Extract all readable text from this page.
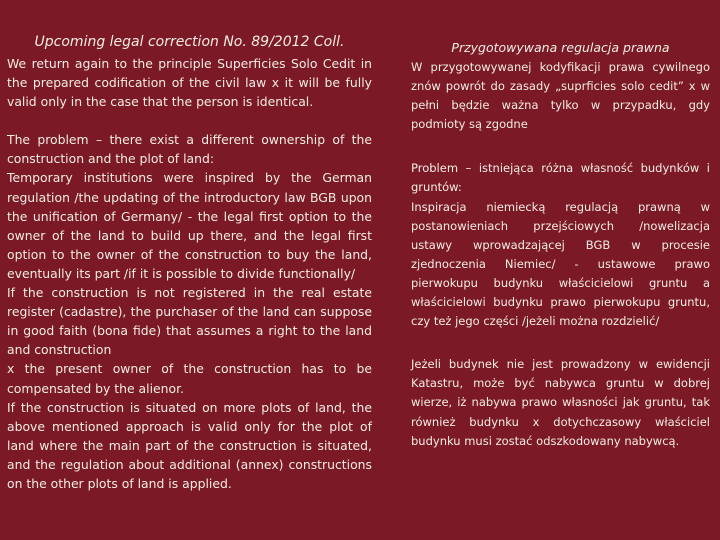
Upcoming legal correction No. 89/2012 Coll.

We return again to the principle Superficies Solo Cedit in the prepared codification of the civil law x it will be fully valid only in the case that the person is identical.

The problem – there exist a different ownership of the construction and the plot of land:
Temporary institutions were inspired by the German regulation /the updating of the introductory law BGB upon the unification of Germany/ - the legal first option to the owner of the land to build up there, and the legal first option to the owner of the construction to buy the land, eventually its part /if it is possible to divide functionally/
If the construction is not registered in the real estate register (cadastre), the purchaser of the land can suppose in good faith (bona fide) that assumes a right to the land and construction
x the present owner of the construction has to be compensated by the alienor.
If the construction is situated on more plots of land, the above mentioned approach is valid only for the plot of land where the main part of the construction is situated, and the regulation about additional (annex) constructions on the other plots of land is applied.

Przygotowywana regulacja prawna

W przygotowywanej kodyfikacji prawa cywilnego znów powrót do zasady „suprficies solo cedit” x w pełni będzie ważna tylko w przypadku, gdy podmioty są zgodne

Problem – istniejąca różna własność budynków i gruntów:
Inspiracja niemiecką regulacją prawną w postanowieniach przejściowych /nowelizacja ustawy wprowadzającej BGB w procesie zjednoczenia Niemiec/ - ustawowe prawo pierwokupu budynku właścicielowi gruntu a właścicielowi budynku prawo pierwokupu gruntu, czy też jego części /jeżeli można rozdzielić/

Jeżeli budynek nie jest prowadzony w ewidencji Katastru, może być nabywca gruntu w dobrej wierze, iż nabywa prawo własności jak gruntu, tak również budynku x dotychczasowy właściciel budynku musi zostać odszkodowany nabywcą.
